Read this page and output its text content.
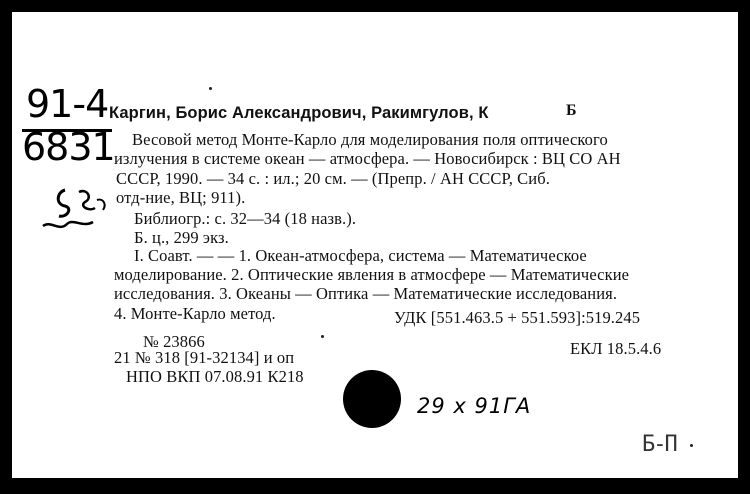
91-4
6831
Каргин, Борис Александрович, Ракимгулов, К	Б
Весовой метод Монте-Карло для моделирования поля оптического
излучения в системе океан — атмосфера. — Новосибирск : ВЦ СО АН
СССР, 1990. — 34 с. : ил.; 20 см. — (Препр. / АН СССР, Сиб.
отд-ние, ВЦ; 911).
Библиогр.: с. 32—34 (18 назв.).
Б. ц., 299 экз.
I. Соавт. — — 1. Океан-атмосфера, система — Математическое
моделирование. 2. Оптические явления в атмосфере — Математические
исследования. 3. Океаны — Оптика — Математические исследования.
4. Монте-Карло метод.	УДК [551.463.5 + 551.593]:519.245
№ 23866	ЕКЛ 18.5.4.6
21 № 318 [91-32134] и оп
НПО ВКП 07.08.91 К218
29 х 91ГА
Б-П
